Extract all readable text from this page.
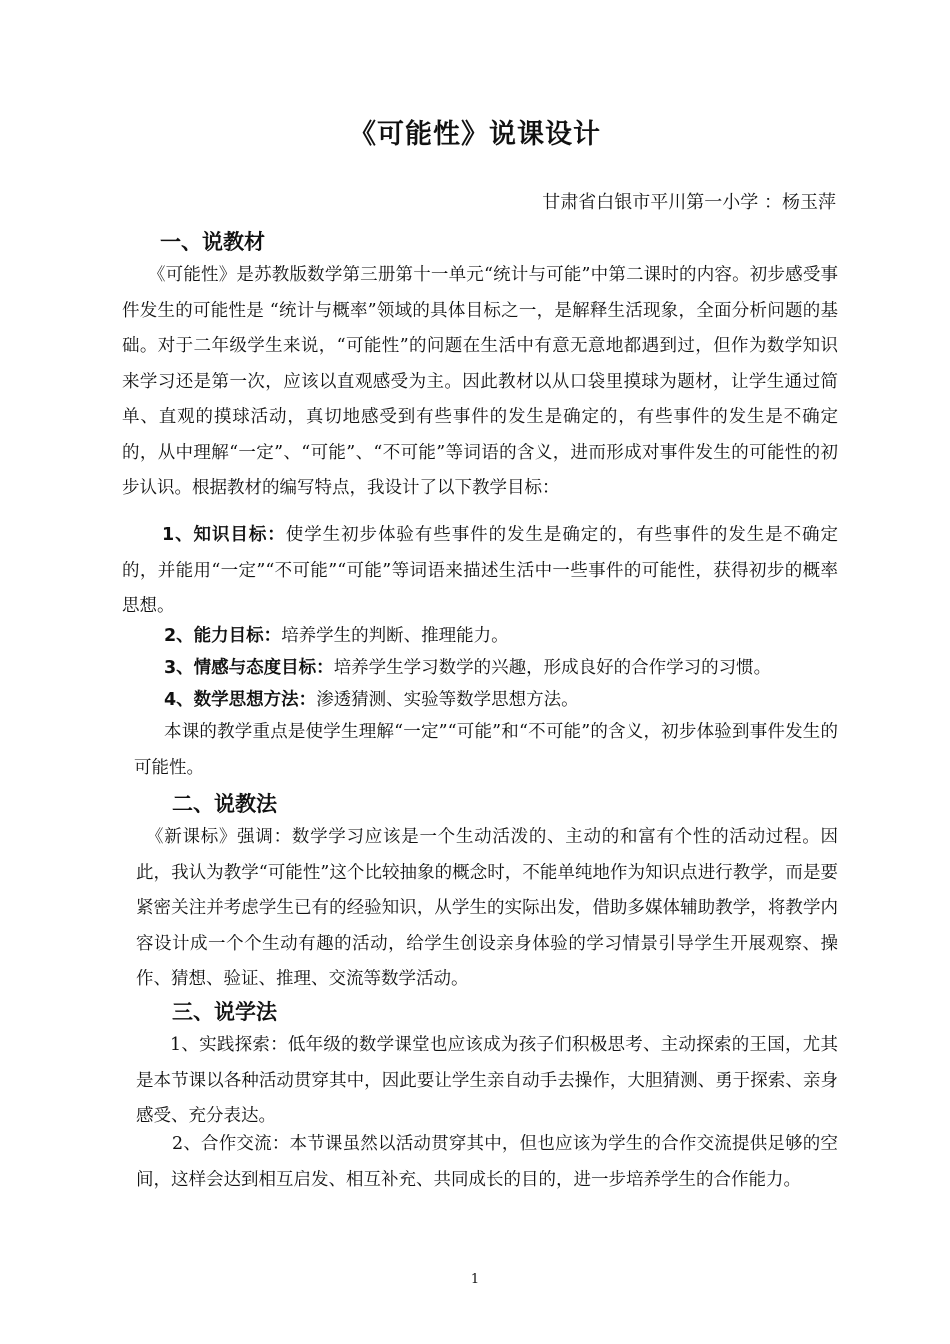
《可能性》说课设计
甘肃省白银市平川第一小学 ：杨玉萍
一、说教材
《可能性》是苏教版数学第三册第十一单元“统计与可能”中第二课时的内容。初步感受事件发生的可能性是 “统计与概率”领域的具体目标之一，是解释生活现象，全面分析问题的基础。对于二年级学生来说，“可能性”的问题在生活中有意无意地都遇到过，但作为数学知识来学习还是第一次，应该以直观感受为主。因此教材以从口袋里摸球为题材，让学生通过简单、直观的摸球活动，真切地感受到有些事件的发生是确定的，有些事件的发生是不确定的，从中理解“一定”、“可能”、“不可能”等词语的含义，进而形成对事件发生的可能性的初步认识。根据教材的编写特点，我设计了以下教学目标：
1、知识目标：使学生初步体验有些事件的发生是确定的，有些事件的发生是不确定的，并能用“一定”“不可能”“可能”等词语来描述生活中一些事件的可能性，获得初步的概率思想。
2、能力目标：培养学生的判断、推理能力。
3、情感与态度目标：培养学生学习数学的兴趣，形成良好的合作学习的习惯。
4、数学思想方法：渗透猜测、实验等数学思想方法。
本课的教学重点是使学生理解“一定”“可能”和“不可能”的含义，初步体验到事件发生的可能性。
二、说教法
《新课标》强调：数学学习应该是一个生动活泼的、主动的和富有个性的活动过程。因此，我认为教学“可能性”这个比较抽象的概念时，不能单纯地作为知识点进行教学，而是要紧密关注并考虑学生已有的经验知识，从学生的实际出发，借助多媒体辅助教学，将教学内容设计成一个个生动有趣的活动，给学生创设亲身体验的学习情景引导学生开展观察、操作、猜想、验证、推理、交流等数学活动。
三、说学法
1、实践探索：低年级的数学课堂也应该成为孩子们积极思考、主动探索的王国，尤其是本节课以各种活动贯穿其中，因此要让学生亲自动手去操作，大胆猜测、勇于探索、亲身感受、充分表达。
2、合作交流：本节课虽然以活动贯穿其中，但也应该为学生的合作交流提供足够的空间，这样会达到相互启发、相互补充、共同成长的目的，进一步培养学生的合作能力。
1
